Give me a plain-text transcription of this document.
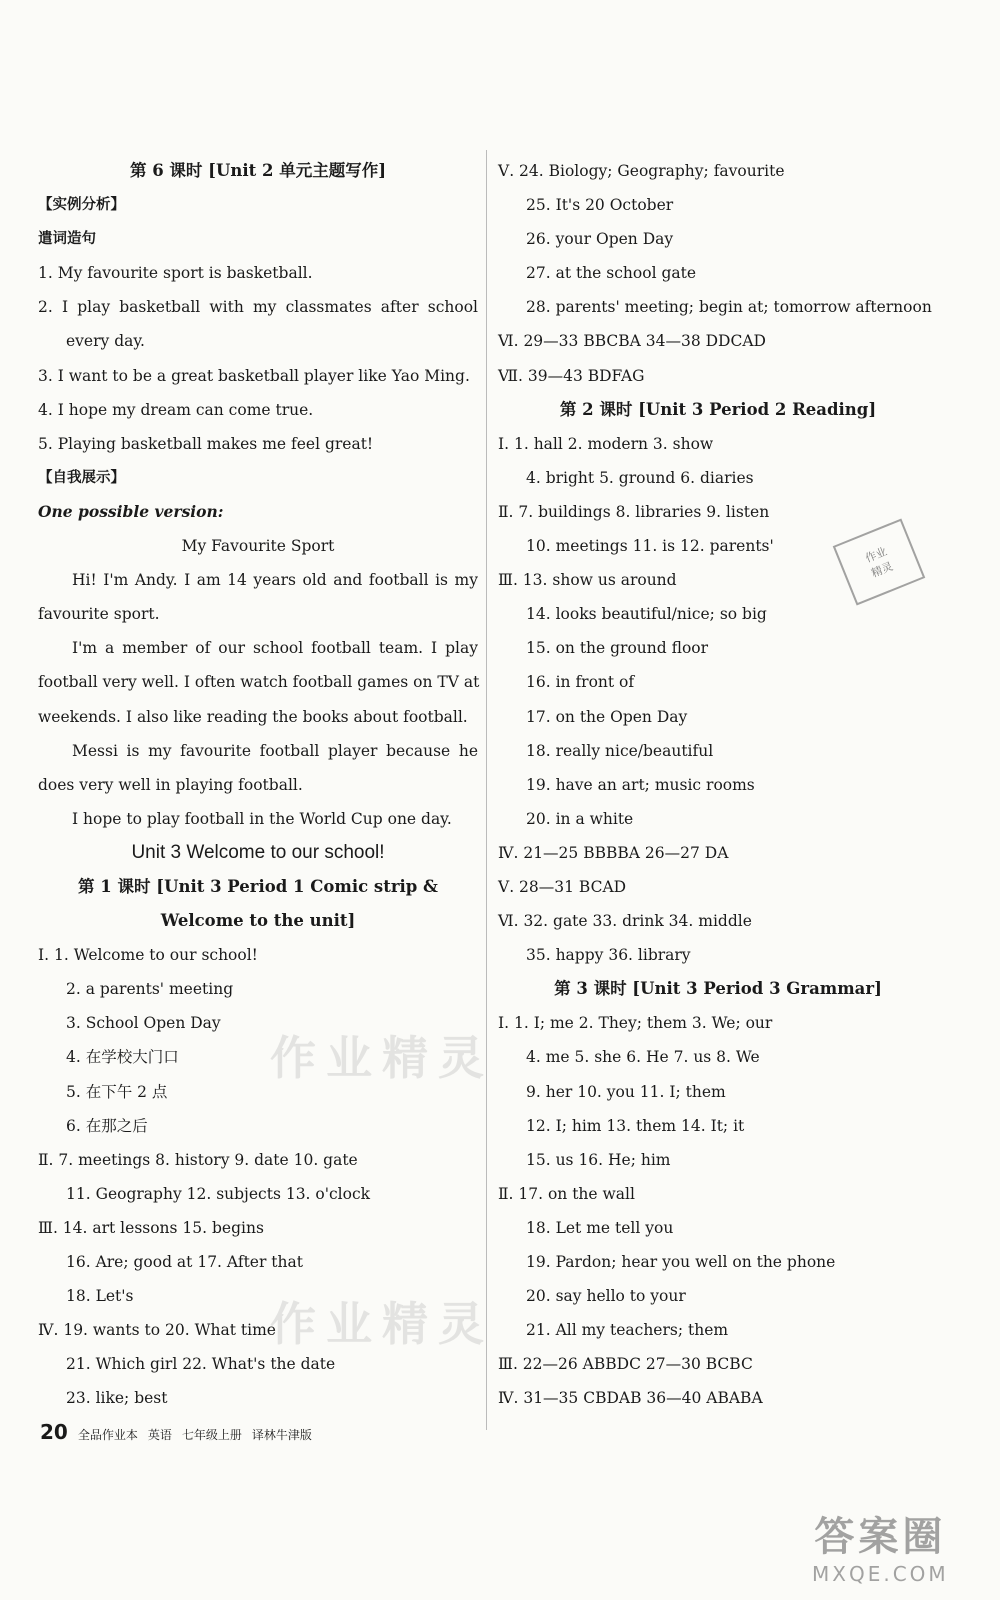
第 6 课时 [Unit 2 单元主题写作]
【实例分析】
遣词造句
1. My favourite sport is basketball.
2. I play basketball with my classmates after school
every day.
3. I want to be a great basketball player like Yao Ming.
4. I hope my dream can come true.
5. Playing basketball makes me feel great!
【自我展示】
One possible version:
My Favourite Sport
Hi! I'm Andy. I am 14 years old and football is my
favourite sport.
I'm a member of our school football team. I play
football very well. I often watch football games on TV at
weekends. I also like reading the books about football.
Messi is my favourite football player because he
does very well in playing football.
I hope to play football in the World Cup one day.
Unit 3 Welcome to our school!
第 1 课时 [Unit 3 Period 1 Comic strip &
Welcome to the unit]
Ⅰ. 1. Welcome to our school!
2. a parents' meeting
3. School Open Day
4. 在学校大门口
5. 在下午 2 点
6. 在那之后
Ⅱ. 7. meetings 8. history 9. date 10. gate
11. Geography 12. subjects 13. o'clock
Ⅲ. 14. art lessons 15. begins
16. Are; good at 17. After that
18. Let's
Ⅳ. 19. wants to 20. What time
21. Which girl 22. What's the date
23. like; best
Ⅴ. 24. Biology; Geography; favourite
25. It's 20 October
26. your Open Day
27. at the school gate
28. parents' meeting; begin at; tomorrow afternoon
Ⅵ. 29—33 BBCBA 34—38 DDCAD
Ⅶ. 39—43 BDFAG
第 2 课时 [Unit 3 Period 2 Reading]
Ⅰ. 1. hall 2. modern 3. show
4. bright 5. ground 6. diaries
Ⅱ. 7. buildings 8. libraries 9. listen
10. meetings 11. is 12. parents'
Ⅲ. 13. show us around
14. looks beautiful/nice; so big
15. on the ground floor
16. in front of
17. on the Open Day
18. really nice/beautiful
19. have an art; music rooms
20. in a white
Ⅳ. 21—25 BBBBA 26—27 DA
Ⅴ. 28—31 BCAD
Ⅵ. 32. gate 33. drink 34. middle
35. happy 36. library
第 3 课时 [Unit 3 Period 3 Grammar]
Ⅰ. 1. I; me 2. They; them 3. We; our
4. me 5. she 6. He 7. us 8. We
9. her 10. you 11. I; them
12. I; him 13. them 14. It; it
15. us 16. He; him
Ⅱ. 17. on the wall
18. Let me tell you
19. Pardon; hear you well on the phone
20. say hello to your
21. All my teachers; them
Ⅲ. 22—26 ABBDC 27—30 BCBC
Ⅳ. 31—35 CBDAB 36—40 ABABA
作业精灵
作业精灵
作业
精灵
20 全品作业本 英语 七年级上册 译林牛津版
答案圈
MXQE.COM
